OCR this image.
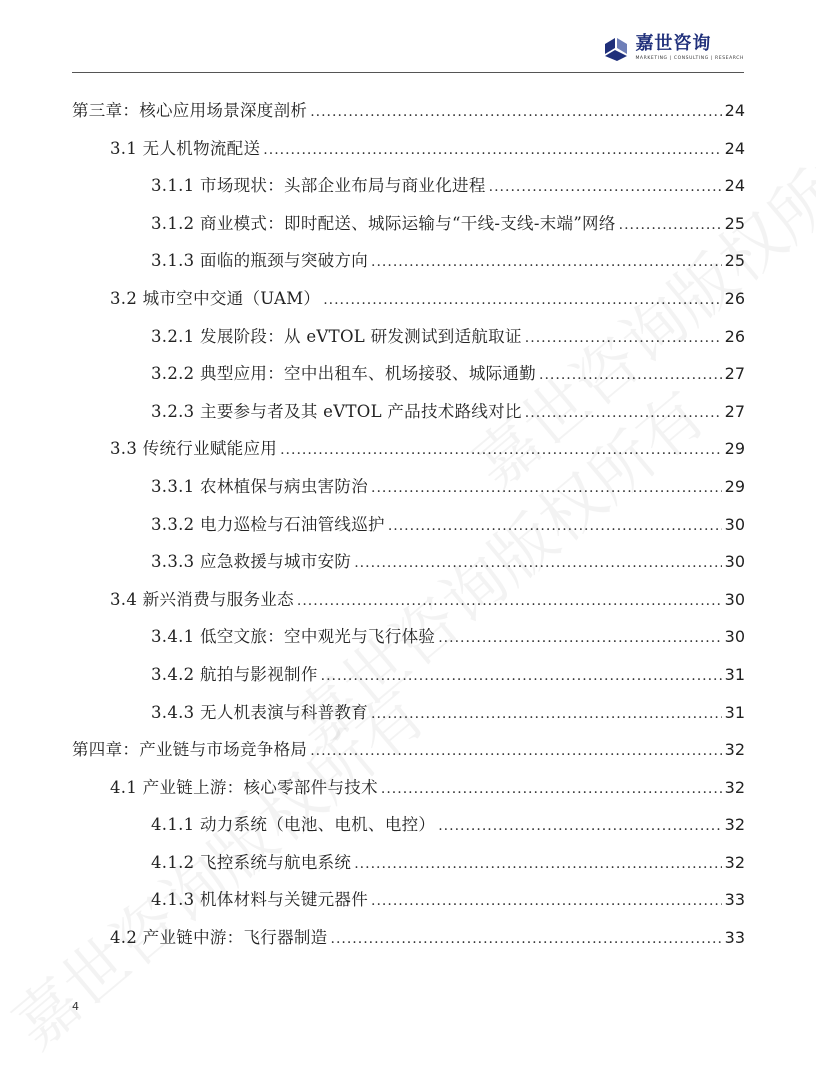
嘉世咨询
MARKETING | CONSULTING | RESEARCH
第三章：核心应用场景深度剖析 .....	24
3.1 无人机物流配送 .....	24
3.1.1 市场现状：头部企业布局与商业化进程 .....	24
3.1.2 商业模式：即时配送、城际运输与“干线-支线-末端”网络 .....	25
3.1.3 面临的瓶颈与突破方向 .....	25
3.2 城市空中交通（UAM） .....	26
3.2.1 发展阶段：从 eVTOL 研发测试到适航取证 .....	26
3.2.2 典型应用：空中出租车、机场接驳、城际通勤 .....	27
3.2.3 主要参与者及其 eVTOL 产品技术路线对比 .....	27
3.3 传统行业赋能应用 .....	29
3.3.1 农林植保与病虫害防治 .....	29
3.3.2 电力巡检与石油管线巡护 .....	30
3.3.3 应急救援与城市安防 .....	30
3.4 新兴消费与服务业态 .....	30
3.4.1 低空文旅：空中观光与飞行体验 .....	30
3.4.2 航拍与影视制作 .....	31
3.4.3 无人机表演与科普教育 .....	31
第四章：产业链与市场竞争格局 .....	32
4.1 产业链上游：核心零部件与技术 .....	32
4.1.1 动力系统（电池、电机、电控） .....	32
4.1.2 飞控系统与航电系统 .....	32
4.1.3 机体材料与关键元器件 .....	33
4.2 产业链中游：飞行器制造 .....	33
4
